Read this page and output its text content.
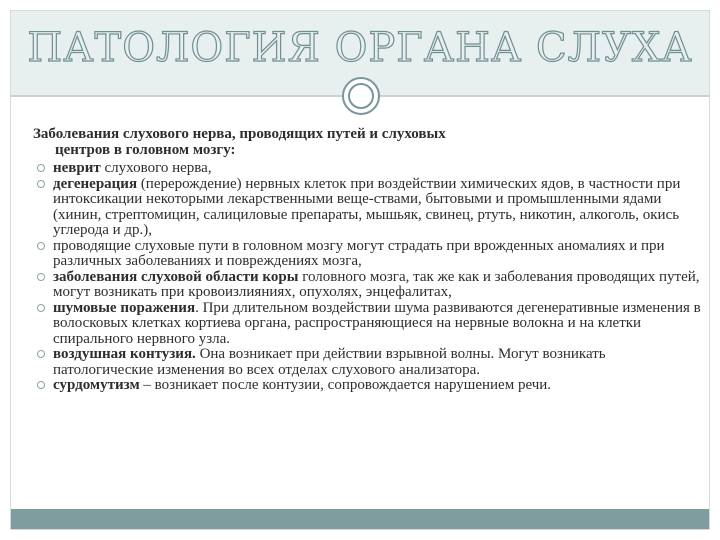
ПАТОЛОГИЯ ОРГАНА СЛУХА
Заболевания слухового нерва, проводящих путей и слуховых
центров в головном мозгу:
неврит слухового нерва,
дегенерация (перерождение) нервных клеток при воздействии химических ядов, в частности при интоксикации некоторыми лекарственными веще-ствами, бытовыми и промышленными ядами (хинин, стрептомицин, салициловые препараты, мышьяк, свинец, ртуть, никотин, алкоголь, окись углерода и др.),
проводящие слуховые пути в головном мозгу могут страдать при врожденных аномалиях и при различных заболеваниях и повреждениях мозга,
заболевания слуховой области коры головного мозга, так же как и заболевания проводящих путей, могут возникать при кровоизлияниях, опухолях, энцефалитах,
шумовые поражения. При длительном воздействии шума развиваются дегенеративные изменения в волосковых клетках кортиева органа, распространяющиеся на нервные волокна и на клетки спирального нервного узла.
воздушная контузия. Она возникает при действии взрывной волны. Могут возникать патологические изменения во всех отделах слухового анализатора.
сурдомутизм – возникает после контузии, сопровождается нарушением речи.
